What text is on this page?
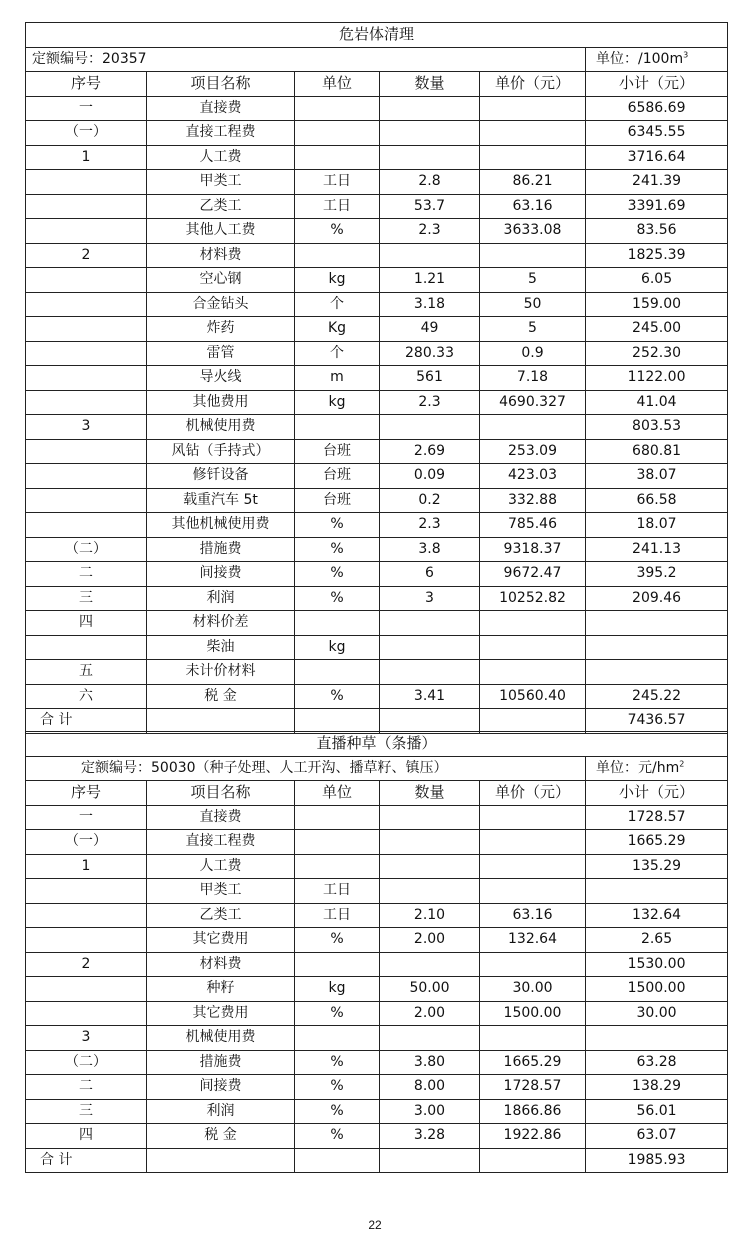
危岩体清理					
定额编号：20357					单位：$/100m^3$
序号	项目名称	单位	数量	单价（元）	小计（元）
一	直接费				6586.69
（一）	直接工程费				6345.55
1	人工费				3716.64
	甲类工	工日	2.8	86.21	241.39
	乙类工	工日	53.7	63.16	3391.69
	其他人工费	%	2.3	3633.08	83.56
2	材料费				1825.39
	空心钢	kg	1.21	5	6.05
	合金钻头	个	3.18	50	159.00
	炸药	Kg	49	5	245.00
	雷管	个	280.33	0.9	252.30
	导火线	m	561	7.18	1122.00
	其他费用	kg	2.3	4690.327	41.04
3	机械使用费				803.53
	风钻（手持式）	台班	2.69	253.09	680.81
	修钎设备	台班	0.09	423.03	38.07
	载重汽车 5t	台班	0.2	332.88	66.58
	其他机械使用费	%	2.3	785.46	18.07
（二）	措施费	%	3.8	9318.37	241.13
二	间接费	%	6	9672.47	395.2
三	利润	%	3	10252.82	209.46
四	材料价差				
	柴油	kg			
五	未计价材料				
六	税 金	%	3.41	10560.40	245.22
合 计					7436.57
直播种草（条播）					
定额编号：50030（种子处理、人工开沟、播草籽、镇压）					单位：元$/hm^2$
序号	项目名称	单位	数量	单价（元）	小计（元）
一	直接费				1728.57
（一）	直接工程费				1665.29
1	人工费				135.29
	甲类工	工日			
	乙类工	工日	2.10	63.16	132.64
	其它费用	%	2.00	132.64	2.65
2	材料费				1530.00
	种籽	kg	50.00	30.00	1500.00
	其它费用	%	2.00	1500.00	30.00
3	机械使用费				
（二）	措施费	%	3.80	1665.29	63.28
二	间接费	%	8.00	1728.57	138.29
三	利润	%	3.00	1866.86	56.01
四	税 金	%	3.28	1922.86	63.07
合 计					1985.93
22
